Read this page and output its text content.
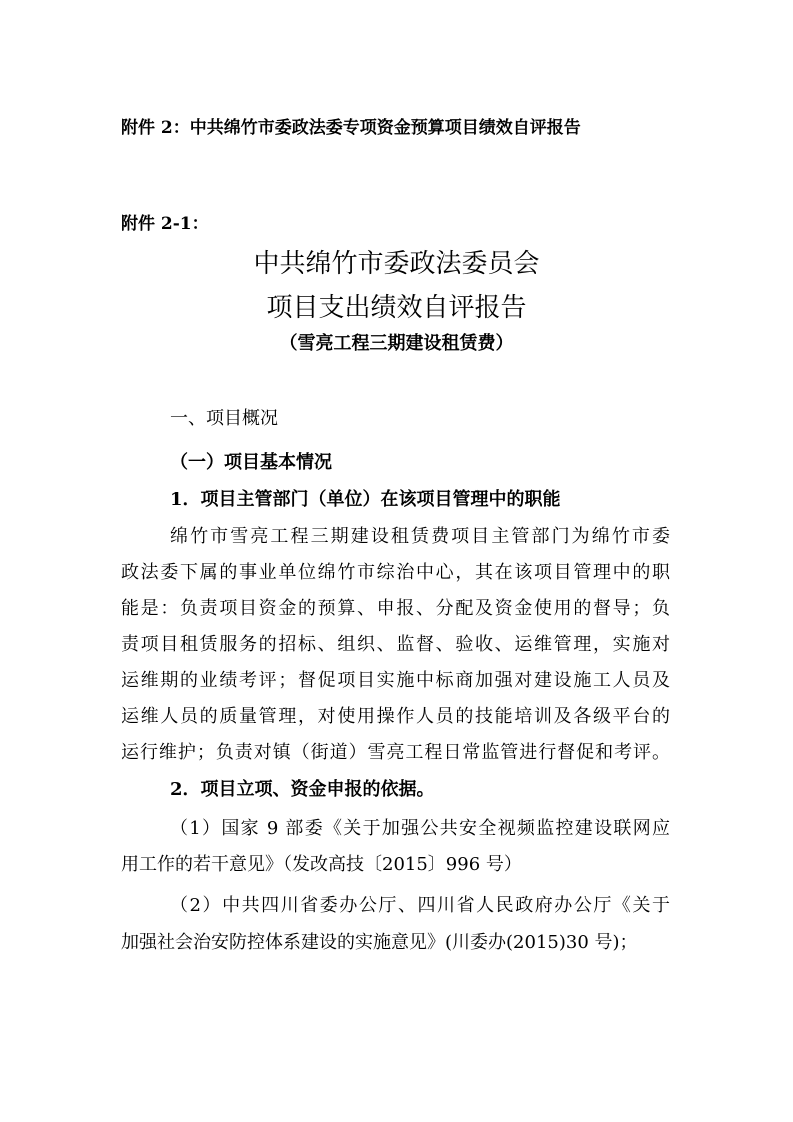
附件 2：中共绵竹市委政法委专项资金预算项目绩效自评报告
附件 2-1：
中共绵竹市委政法委员会
项目支出绩效自评报告
（雪亮工程三期建设租赁费）
一、项目概况
（一）项目基本情况
1．项目主管部门（单位）在该项目管理中的职能
绵竹市雪亮工程三期建设租赁费项目主管部门为绵竹市委
政法委下属的事业单位绵竹市综治中心，其在该项目管理中的职
能是：负责项目资金的预算、申报、分配及资金使用的督导；负
责项目租赁服务的招标、组织、监督、验收、运维管理，实施对
运维期的业绩考评；督促项目实施中标商加强对建设施工人员及
运维人员的质量管理，对使用操作人员的技能培训及各级平台的
运行维护；负责对镇（街道）雪亮工程日常监管进行督促和考评。
2．项目立项、资金申报的依据。
（1）国家 9 部委《关于加强公共安全视频监控建设联网应
用工作的若干意见》（发改高技〔2015〕996 号）
（2）中共四川省委办公厅、四川省人民政府办公厅《关于
加强社会治安防控体系建设的实施意见》(川委办(2015)30 号)；
